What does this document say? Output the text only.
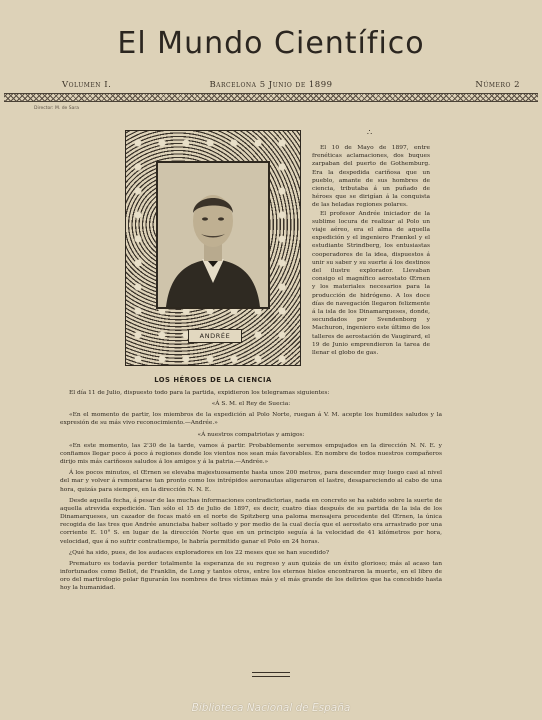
El Mundo Científico
Volumen I.	Barcelona 5 Junio de 1899	Número 2
Director: M. de Sara
ANDRÉE
LOS HÉROES DE LA CIENCIA
∴

El 10 de Mayo de 1897, entre frenéticas aclamaciones, dos buques zarpaban del puerto de Gothemburg. Era la despedida cariñosa que un pueblo, amante de sus hombres de ciencia, tributaba á un puñado de héroes que se dirigían á la conquista de las heladas regiones polares.

El profesor Andrée iniciador de la sublime locura de realizar al Polo un viaje aéreo, era el alma de aquella expedición y el ingeniero Frænkel y el estudiante Strindberg, los entusiastas cooperadores de la idea, dispuestos á unir su saber y su suerte á los destinos del ilustre explorador. Llevaban consigo el magnífico aerostato Œrnen y los materiales necesarios para la producción de hidrógeno. A los doce días de navegación llegaron felizmente á la isla de los Dinamarqueses, donde, secundados por Svendenborg y Machuron, ingeniero este último de los talleres de aerostación de Vaugirard, el 19 de Junio emprendieron la tarea de llenar el globo de gas.

El día 11 de Julio, dispuesto todo para la partida, expidieron los telegramas siguientes:

«Á S. M. el Rey de Suecia:

«En el momento de partir, los miembros de la expedición al Polo Norte, ruegan á V. M. acepte los humildes saludos y la expresión de su más vivo reconocimiento.—Andrée.»

«Á nuestros compatriotas y amigos:

«En este momento, las 2'30 de la tarde, vamos á partir. Probablemente seremos empujados en la dirección N. N. E. y confiamos llegar poco á poco á regiones donde los vientos nos sean más favorables. En nombre de todos nuestros compañeros dirijo mis más cariñosos saludos á los amigos y á la patria.—Andrée.»

Á los pocos minutos, el Œrnen se elevaba majestuosamente hasta unos 200 metros, para descender muy luego casi al nivel del mar y volver á remontarse tan pronto como los intrépidos aeronautas aligeraron el lastre, desapareciendo al cabo de una hora, quizás para siempre, en la dirección N. N. E.

Desde aquella fecha, á pesar de las muchas informaciones contradictorias, nada en concreto se ha sabido sobre la suerte de aquella atrevida expedición. Tan sólo el 15 de Julio de 1897, es decir, cuatro días después de su partida de la isla de los Dinamarqueses, un cazador de focas mató en el norte de Spitzberg una paloma mensajera procedente del Œrnen, la única recogida de las tres que Andrée anunciaba haber soltado y por medio de la cual decía que el aerostato era arrastrado por una corriente E. 10° S. en lugar de la dirección Norte que en un principio seguía á la velocidad de 41 kilómetros por hora, velocidad, que á no sufrir contratiempo, le habría permitido ganar el Polo en 24 horas.

¿Qué ha sido, pues, de los audaces exploradores en los 22 meses que se han sucedido?

Prematuro es todavía perder totalmente la esperanza de su regreso y aun quizás de un éxito glorioso; más al acaso tan infortunados como Bellot, de Franklin, de Long y tantos otros, entre los eternos hielos encontraron la muerte, en el libro de oro del martirologio polar figurarán los nombres de tres víctimas más y el más grande de los delirios que ha concebido hasta hoy la humanidad.

Biblioteca Nacional de España
